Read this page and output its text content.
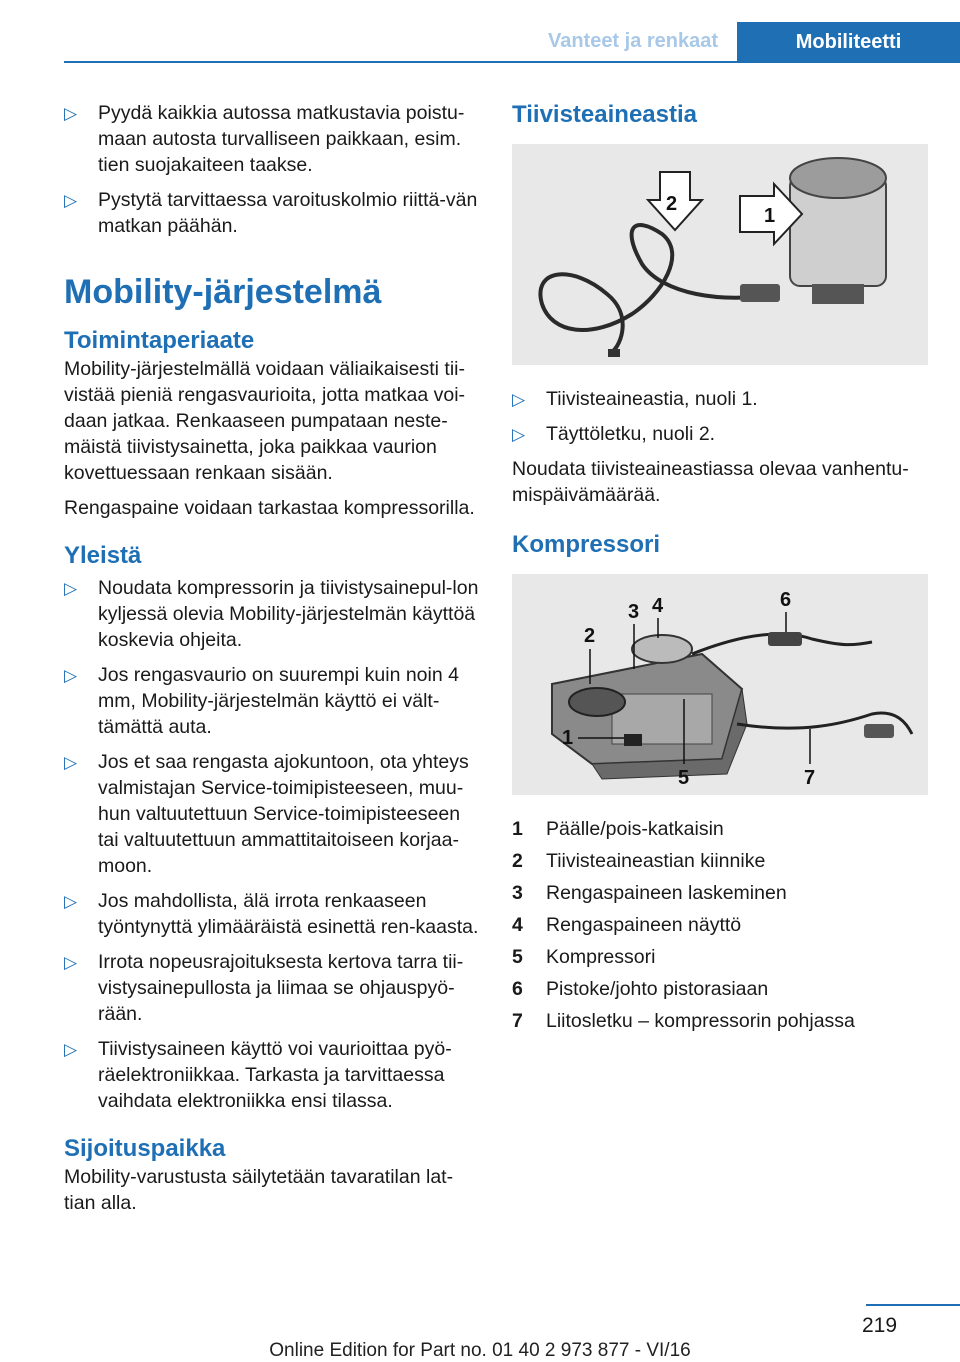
Vanteet ja renkaat	Mobiliteetti
▷ Pyydä kaikkia autossa matkustavia poistu-maan autosta turvalliseen paikkaan, esim. tien suojakaiteen taakse.
▷ Pystytä tarvittaessa varoituskolmio riittä-vän matkan päähän.
Mobility-järjestelmä
Toimintaperiaate

Mobility-järjestelmällä voidaan väliaikaisesti tii-vistää pieniä rengasvaurioita, jotta matkaa voi-daan jatkaa. Renkaaseen pumpataan neste-mäistä tiivistysainetta, joka paikkaa vaurion kovettuessaan renkaan sisään.

Rengaspaine voidaan tarkastaa kompressorilla.

Yleistä
▷ Noudata kompressorin ja tiivistysainepul-lon kyljessä olevia Mobility-järjestelmän käyttöä koskevia ohjeita.
▷ Jos rengasvaurio on suurempi kuin noin 4 mm, Mobility-järjestelmän käyttö ei vält-tämättä auta.
▷ Jos et saa rengasta ajokuntoon, ota yhteys valmistajan Service-toimipisteeseen, muu-hun valtuutettuun Service-toimipisteeseen tai valtuutettuun ammattitaitoiseen korjaa-moon.
▷ Jos mahdollista, älä irrota renkaaseen työntynyttä ylimääräistä esinettä ren-kaasta.
▷ Irrota nopeusrajoituksesta kertova tarra tii-vistysainepullosta ja liimaa se ohjauspyö-rään.
▷ Tiivistysaineen käyttö voi vaurioittaa pyö-räelektroniikkaa. Tarkasta ja tarvittaessa vaihdata elektroniikka ensi tilassa.
Sijoituspaikka

Mobility-varustusta säilytetään tavaratilan lat-tian alla.

Tiivisteaineastia
2
1
▷ Tiivisteaineastia, nuoli 1.
▷ Täyttöletku, nuoli 2.

Noudata tiivisteaineastiassa olevaa vanhentu-mispäivämäärää.

Kompressori
1
2
3 4
5
6
7
1	Päälle/pois-katkaisin
2	Tiivisteaineastian kiinnike
3	Rengaspaineen laskeminen
4	Rengaspaineen näyttö
5	Kompressori
6	Pistoke/johto pistorasiaan
7	Liitosletku – kompressorin pohjassa
219
Online Edition for Part no. 01 40 2 973 877 - VI/16
